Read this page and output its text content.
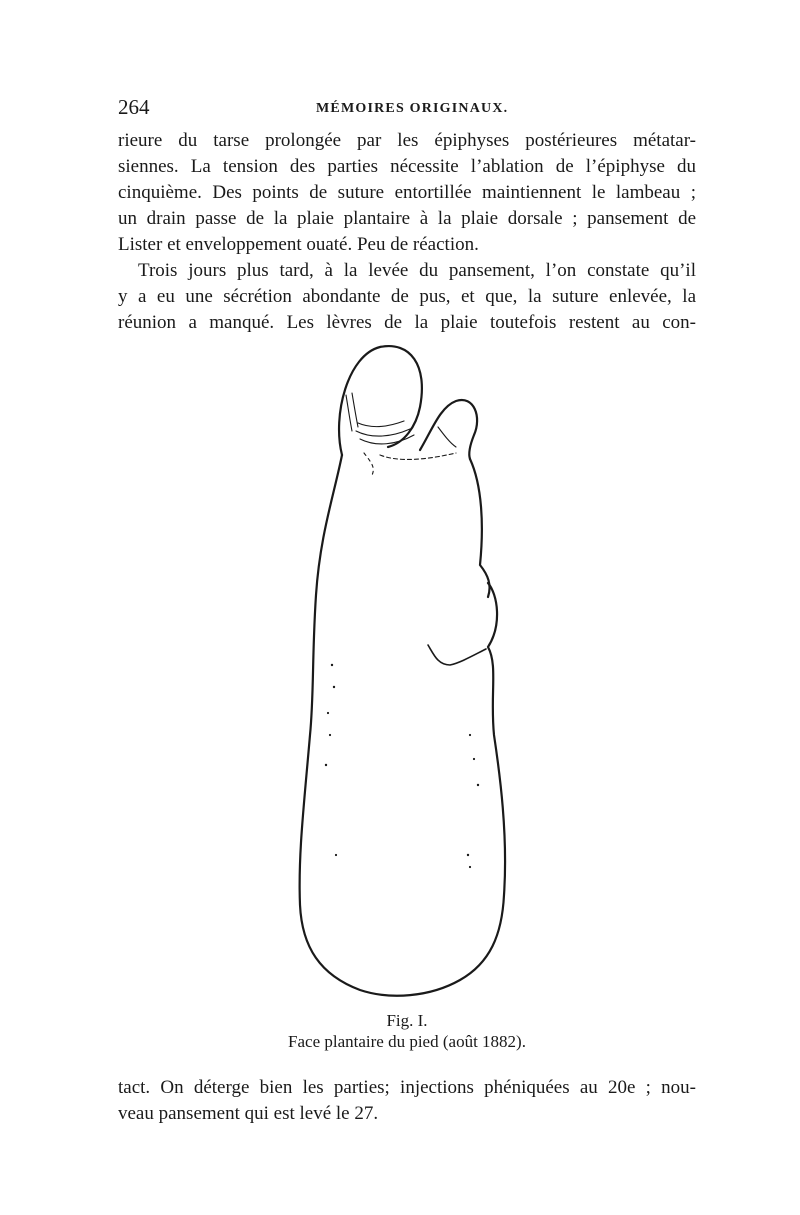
264	MÉMOIRES ORIGINAUX.
rieure du tarse prolongée par les épiphyses postérieures métatar-
siennes. La tension des parties nécessite l’ablation de l’épiphyse du
cinquième. Des points de suture entortillée maintiennent le lambeau ;
un drain passe de la plaie plantaire à la plaie dorsale ; pansement de
Lister et enveloppement ouaté. Peu de réaction.
Trois jours plus tard, à la levée du pansement, l’on constate qu’il
y a eu une sécrétion abondante de pus, et que, la suture enlevée, la
réunion a manqué. Les lèvres de la plaie toutefois restent au con-
Fig. I.
Face plantaire du pied (août 1882).
tact. On déterge bien les parties; injections phéniquées au 20e ; nou-
veau pansement qui est levé le 27.
